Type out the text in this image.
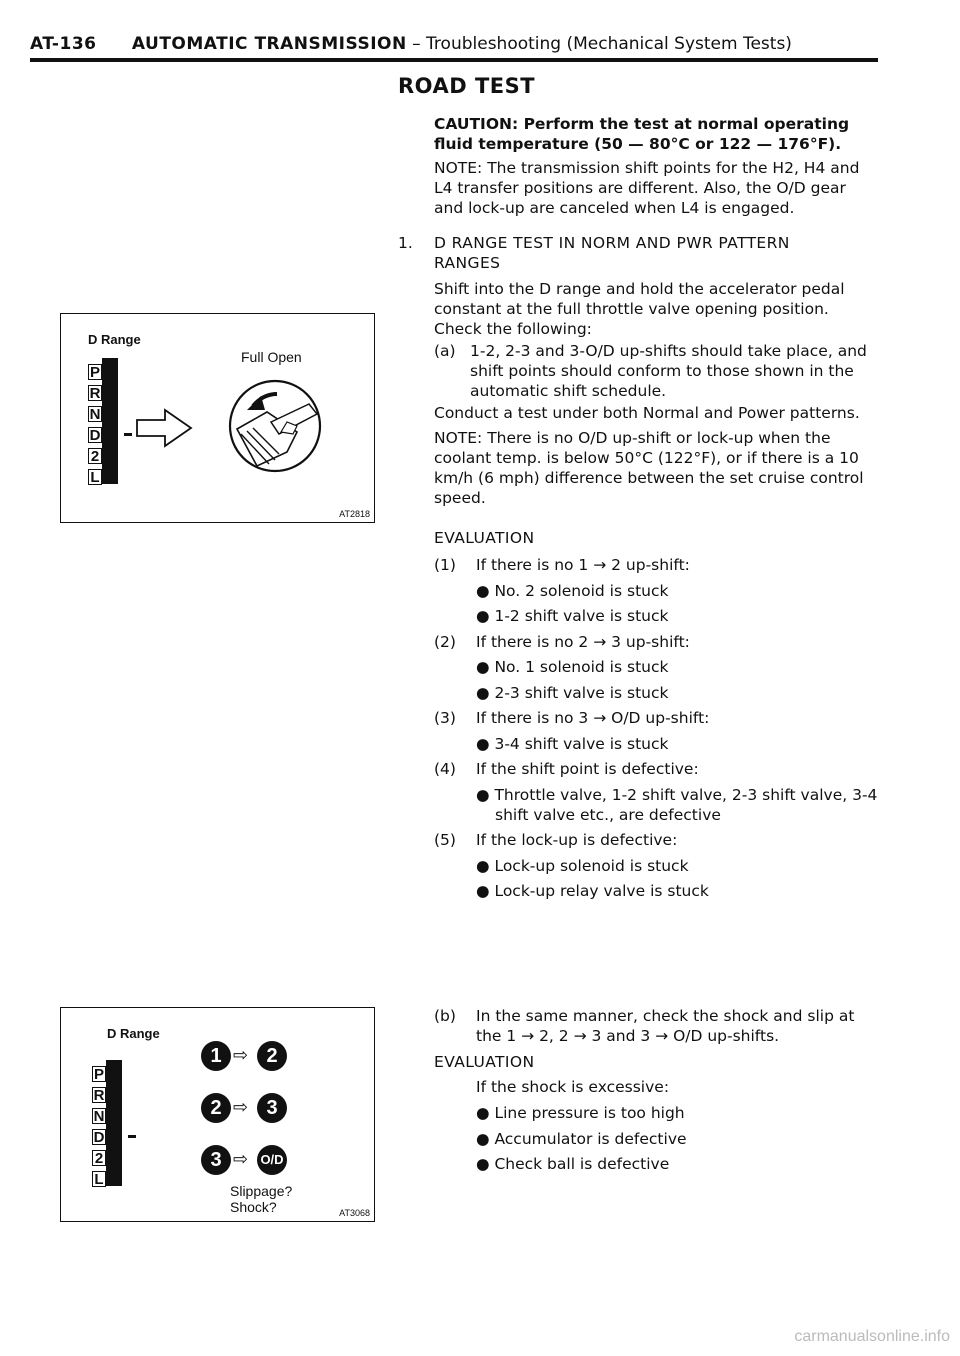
AT-136 AUTOMATIC TRANSMISSION – Troubleshooting (Mechanical System Tests)
ROAD TEST
CAUTION: Perform the test at normal operating fluid temperature (50 — 80°C or 122 — 176°F).
NOTE: The transmission shift points for the H2, H4 and L4 transfer positions are different. Also, the O/D gear and lock-up are canceled when L4 is engaged.
1. D RANGE TEST IN NORM AND PWR PATTERN
RANGES
Shift into the D range and hold the accelerator pedal constant at the full throttle valve opening position.
Check the following:
(a) 1-2, 2-3 and 3-O/D up-shifts should take place, and shift points should conform to those shown in the automatic shift schedule.
Conduct a test under both Normal and Power patterns.
NOTE: There is no O/D up-shift or lock-up when the coolant temp. is below 50°C (122°F), or if there is a 10 km/h (6 mph) difference between the set cruise control speed.
EVALUATION
(1) If there is no 1 → 2 up-shift:
● No. 2 solenoid is stuck
● 1-2 shift valve is stuck
(2) If there is no 2 → 3 up-shift:
● No. 1 solenoid is stuck
● 2-3 shift valve is stuck
(3) If there is no 3 → O/D up-shift:
● 3-4 shift valve is stuck
(4) If the shift point is defective:
● Throttle valve, 1-2 shift valve, 2-3 shift valve, 3-4 shift valve etc., are defective
(5) If the lock-up is defective:
● Lock-up solenoid is stuck
● Lock-up relay valve is stuck
(b) In the same manner, check the shock and slip at the 1 → 2, 2 → 3 and 3 → O/D up-shifts.
EVALUATION
If the shock is excessive:
● Line pressure is too high
● Accumulator is defective
● Check ball is defective
D Range
Full Open
P
R
N
D
2
L
AT2818
D Range
P
R
N
D
2
L
1 ⇨ 2
2 ⇨ 3
3 ⇨ O/D
Slippage?
Shock?	AT3068
carmanualsonline.info
